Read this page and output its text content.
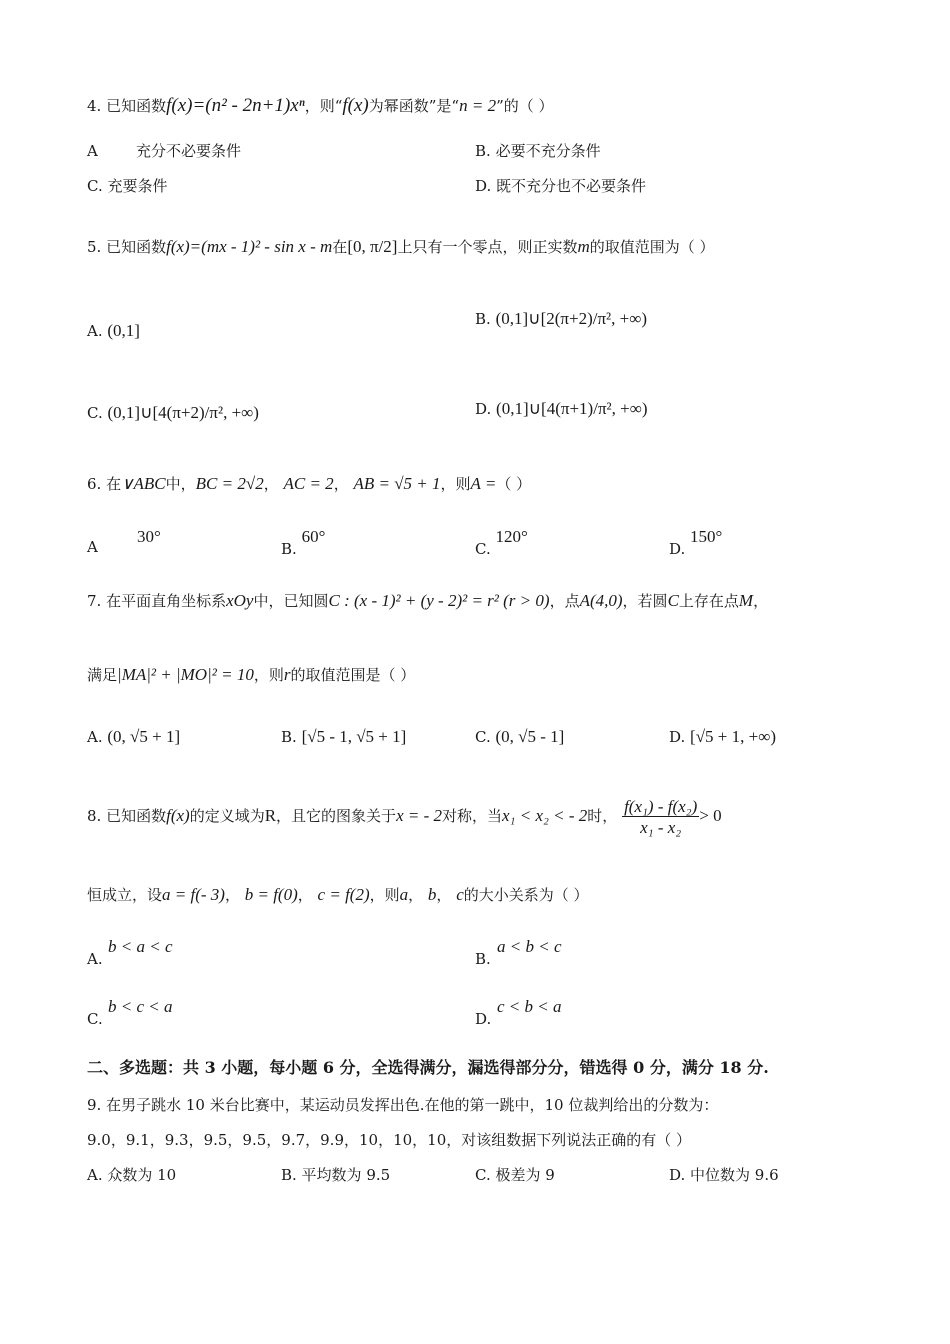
4. 已知函数f(x)=(n² - 2n+1)xⁿ，则“f(x)为幂函数”是“n = 2”的（ ）
A	充分不必要条件	B. 必要不充分条件
C. 充要条件	D. 既不充分也不必要条件
5. 已知函数f(x)=(mx - 1)² - sin x - m在[0, π/2]上只有一个零点，则正实数m的取值范围为（ ）
A. (0,1]
B. (0,1]∪[2(π+2)/π², +∞)
C. (0,1]∪[4(π+2)/π², +∞)	D. (0,1]∪[4(π+1)/π², +∞)
6. 在∨ABC中，BC = 2√2， AC = 2， AB = √5 + 1，则A =（ ）
A
30°
B. 60°
C. 120°
D. 150°
7. 在平面直角坐标系xOy中，已知圆C : (x - 1)² + (y - 2)² = r² (r > 0)，点A(4,0)，若圆C上存在点M，
满足|MA|² + |MO|² = 10，则r的取值范围是（ ）
A. (0, √5 + 1]	B. [√5 - 1, √5 + 1]	C. (0, √5 - 1]	D. [√5 + 1, +∞)
8. 已知函数f(x)的定义域为R，且它的图象关于x = - 2对称，当x₁ < x₂ < - 2时， $\frac{\text{f(x₁) - f(x₂)}}{\text{x₁ - x₂}} > 0$
恒成立，设a = f(- 3)， b = f(0)， c = f(2)，则a， b， c的大小关系为（ ）
A.
b < a < c
B.
a < b < c
C.
b < c < a
D.
c < b < a
二、多选题：共 3 小题，每小题 6 分，全选得满分，漏选得部分分，错选得 0 分，满分 18 分.
9. 在男子跳水 10 米台比赛中，某运动员发挥出色.在他的第一跳中，10 位裁判给出的分数为：
9.0，9.1，9.3，9.5，9.5，9.7，9.9，10，10，10，对该组数据下列说法正确的有（ ）
A. 众数为 10	B. 平均数为 9.5	C. 极差为 9	D. 中位数为 9.6
